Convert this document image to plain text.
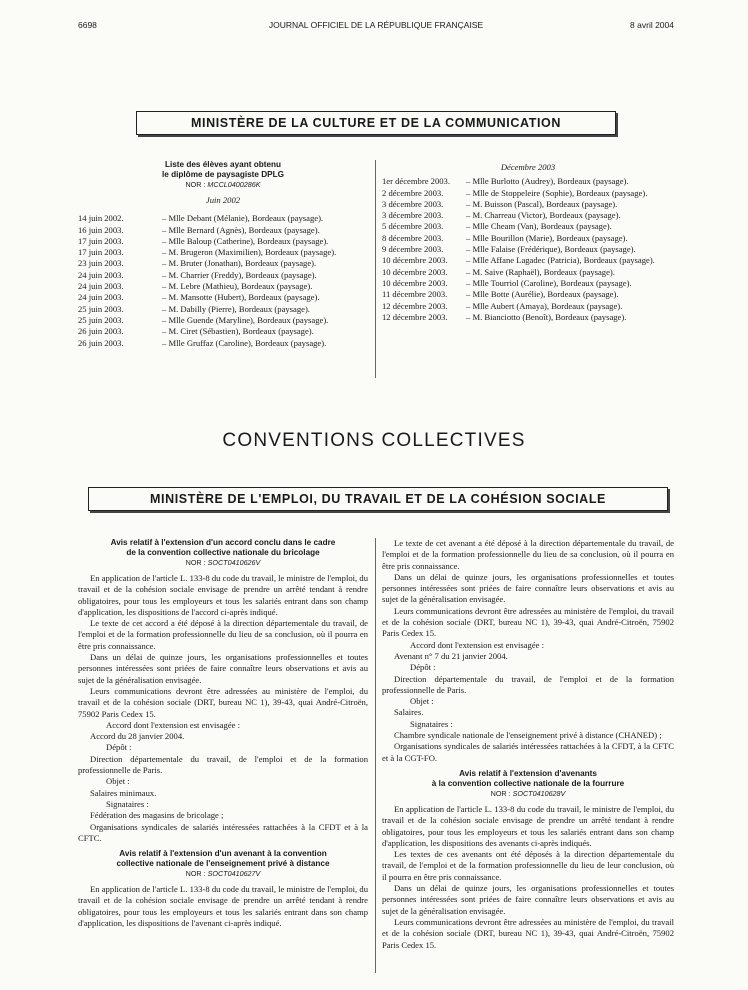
6698	JOURNAL OFFICIEL DE LA RÉPUBLIQUE FRANÇAISE	8 avril 2004
MINISTÈRE DE LA CULTURE ET DE LA COMMUNICATION
Liste des élèves ayant obtenu
le diplôme de paysagiste DPLG
NOR : MCCL0400286K
Juin 2002
14 juin 2002.	– Mlle Debant (Mélanie), Bordeaux (paysage).
16 juin 2003.	– Mlle Bernard (Agnès), Bordeaux (paysage).
17 juin 2003.	– Mlle Baloup (Catherine), Bordeaux (paysage).
17 juin 2003.	– M. Brugeron (Maximilien), Bordeaux (paysage).
23 juin 2003.	– M. Bruter (Jonathan), Bordeaux (paysage).
24 juin 2003.	– M. Charrier (Freddy), Bordeaux (paysage).
24 juin 2003.	– M. Lebre (Mathieu), Bordeaux (paysage).
24 juin 2003.	– M. Mansotte (Hubert), Bordeaux (paysage).
25 juin 2003.	– M. Dabilly (Pierre), Bordeaux (paysage).
25 juin 2003.	– Mlle Guende (Maryline), Bordeaux (paysage).
26 juin 2003.	– M. Ciret (Sébastien), Bordeaux (paysage).
26 juin 2003.	– Mlle Gruffaz (Caroline), Bordeaux (paysage).
Décembre 2003
1er décembre 2003.	– Mlle Burlotto (Audrey), Bordeaux (paysage).
2 décembre 2003.	– Mlle de Stoppeleire (Sophie), Bordeaux (paysage).
3 décembre 2003.	– M. Buisson (Pascal), Bordeaux (paysage).
3 décembre 2003.	– M. Charreau (Victor), Bordeaux (paysage).
5 décembre 2003.	– Mlle Cheam (Van), Bordeaux (paysage).
8 décembre 2003.	– Mlle Bourillon (Marie), Bordeaux (paysage).
9 décembre 2003.	– Mlle Falaise (Frédérique), Bordeaux (paysage).
10 décembre 2003.	– Mlle Affane Lagadec (Patricia), Bordeaux (paysage).
10 décembre 2003.	– M. Saive (Raphaël), Bordeaux (paysage).
10 décembre 2003.	– Mlle Tourriol (Caroline), Bordeaux (paysage).
11 décembre 2003.	– Mlle Botte (Aurélie), Bordeaux (paysage).
12 décembre 2003.	– Mlle Aubert (Amaya), Bordeaux (paysage).
12 décembre 2003.	– M. Bianciotto (Benoît), Bordeaux (paysage).
CONVENTIONS COLLECTIVES
MINISTÈRE DE L'EMPLOI, DU TRAVAIL ET DE LA COHÉSION SOCIALE
Avis relatif à l'extension d'un accord conclu dans le cadre
de la convention collective nationale du bricolage
NOR : SOCT0410626V
En application de l'article L. 133-8 du code du travail, le ministre de l'emploi, du travail et de la cohésion sociale envisage de prendre un arrêté tendant à rendre obligatoires, pour tous les employeurs et tous les salariés entrant dans son champ d'application, les dispositions de l'accord ci-après indiqué.
Le texte de cet accord a été déposé à la direction départementale du travail, de l'emploi et de la formation professionnelle du lieu de sa conclusion, où il pourra en être pris connaissance.
Dans un délai de quinze jours, les organisations professionnelles et toutes personnes intéressées sont priées de faire connaître leurs observations et avis au sujet de la généralisation envisagée.
Leurs communications devront être adressées au ministère de l'emploi, du travail et de la cohésion sociale (DRT, bureau NC 1), 39-43, quai André-Citroën, 75902 Paris Cedex 15.
Accord dont l'extension est envisagée :
Accord du 28 janvier 2004.
Dépôt :
Direction départementale du travail, de l'emploi et de la formation professionnelle de Paris.
Objet :
Salaires minimaux.
Signataires :
Fédération des magasins de bricolage ;
Organisations syndicales de salariés intéressées rattachées à la CFDT et à la CFTC.
Avis relatif à l'extension d'un avenant à la convention
collective nationale de l'enseignement privé à distance
NOR : SOCT0410627V
En application de l'article L. 133-8 du code du travail, le ministre de l'emploi, du travail et de la cohésion sociale envisage de prendre un arrêté tendant à rendre obligatoires, pour tous les employeurs et tous les salariés entrant dans son champ d'application, les dispositions de l'avenant ci-après indiqué.
Le texte de cet avenant a été déposé à la direction départementale du travail, de l'emploi et de la formation professionnelle du lieu de sa conclusion, où il pourra en être pris connaissance.
Dans un délai de quinze jours, les organisations professionnelles et toutes personnes intéressées sont priées de faire connaître leurs observations et avis au sujet de la généralisation envisagée.
Leurs communications devront être adressées au ministère de l'emploi, du travail et de la cohésion sociale (DRT, bureau NC 1), 39-43, quai André-Citroën, 75902 Paris Cedex 15.
Accord dont l'extension est envisagée :
Avenant n° 7 du 21 janvier 2004.
Dépôt :
Direction départementale du travail, de l'emploi et de la formation professionnelle de Paris.
Objet :
Salaires.
Signataires :
Chambre syndicale nationale de l'enseignement privé à distance (CHANED) ;
Organisations syndicales de salariés intéressées rattachées à la CFDT, à la CFTC et à la CGT-FO.
Avis relatif à l'extension d'avenants
à la convention collective nationale de la fourrure
NOR : SOCT0410628V
En application de l'article L. 133-8 du code du travail, le ministre de l'emploi, du travail et de la cohésion sociale envisage de prendre un arrêté tendant à rendre obligatoires, pour tous les employeurs et tous les salariés entrant dans son champ d'application, les dispositions des avenants ci-après indiqués.
Les textes de ces avenants ont été déposés à la direction départementale du travail, de l'emploi et de la formation professionnelle du lieu de leur conclusion, où il pourra en être pris connaissance.
Dans un délai de quinze jours, les organisations professionnelles et toutes personnes intéressées sont priées de faire connaître leurs observations et avis au sujet de la généralisation envisagée.
Leurs communications devront être adressées au ministère de l'emploi, du travail et de la cohésion sociale (DRT, bureau NC 1), 39-43, quai André-Citroën, 75902 Paris Cedex 15.
